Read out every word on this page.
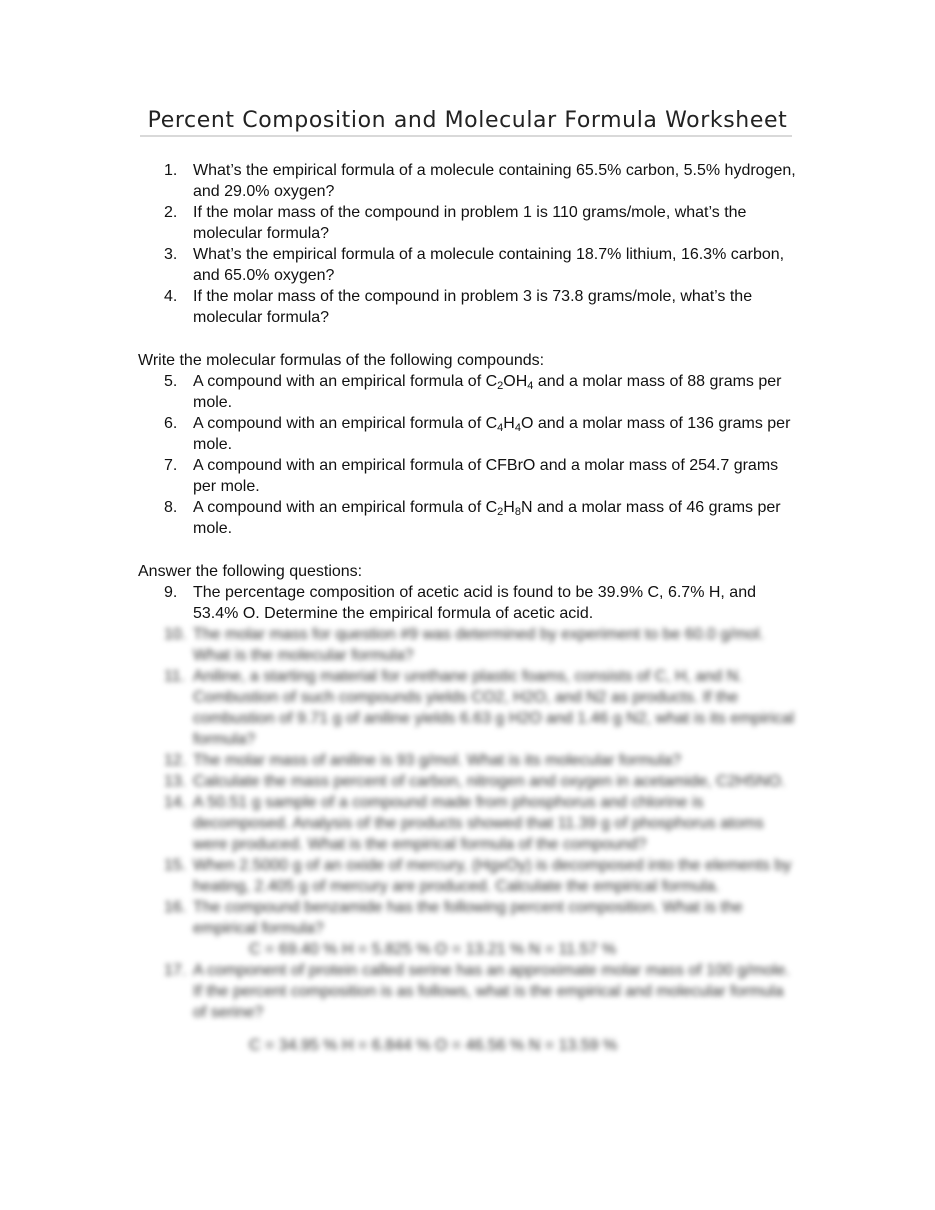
Percent Composition and Molecular Formula Worksheet
1. What’s the empirical formula of a molecule containing 65.5% carbon, 5.5% hydrogen, and 29.0% oxygen?
2. If the molar mass of the compound in problem 1 is 110 grams/mole, what’s the molecular formula?
3. What’s the empirical formula of a molecule containing 18.7% lithium, 16.3% carbon, and 65.0% oxygen?
4. If the molar mass of the compound in problem 3 is 73.8 grams/mole, what’s the molecular formula?

Write the molecular formulas of the following compounds:

5. A compound with an empirical formula of $C_2OH_4$ and a molar mass of 88 grams per mole.
6. A compound with an empirical formula of $C_4H_4O$ and a molar mass of 136 grams per mole.
7. A compound with an empirical formula of CFBrO and a molar mass of 254.7 grams per mole.
8. A compound with an empirical formula of $C_2H_8N$ and a molar mass of 46 grams per mole.

Answer the following questions:

9. The percentage composition of acetic acid is found to be 39.9% C, 6.7% H, and 53.4% O. Determine the empirical formula of acetic acid.
10. The molar mass for question #9 was determined by experiment to be 60.0 g/mol. What is the molecular formula?
11. Aniline, a starting material for urethane plastic foams, consists of C, H, and N. Combustion of such compounds yields CO2, H2O, and N2 as products. If the combustion of 9.71 g of aniline yields 6.63 g H2O and 1.46 g N2, what is its empirical formula?
12. The molar mass of aniline is 93 g/mol. What is its molecular formula?
13. Calculate the mass percent of carbon, nitrogen and oxygen in acetamide, C2H5NO.
14. A 50.51 g sample of a compound made from phosphorus and chlorine is decomposed. Analysis of the products showed that 11.39 g of phosphorus atoms were produced. What is the empirical formula of the compound?
15. When 2.5000 g of an oxide of mercury, (HgxOy) is decomposed into the elements by heating, 2.405 g of mercury are produced. Calculate the empirical formula.
16. The compound benzamide has the following percent composition. What is the empirical formula?
C = 69.40 % H = 5.825 % O = 13.21 % N = 11.57 %
17. A component of protein called serine has an approximate molar mass of 100 g/mole. If the percent composition is as follows, what is the empirical and molecular formula of serine?
C = 34.95 % H = 6.844 % O = 46.56 % N = 13.59 %
